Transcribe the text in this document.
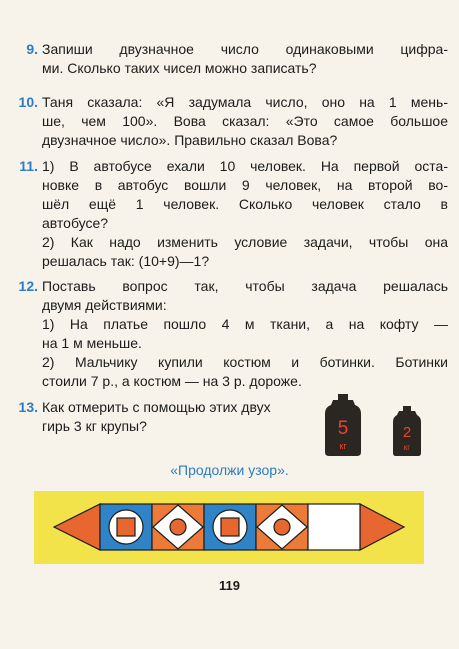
9. Запиши двузначное число одинаковыми цифра-
ми. Сколько таких чисел можно записать?
10. Таня сказала: «Я задумала число, оно на 1 мень-
ше, чем 100». Вова сказал: «Это самое большое
двузначное число». Правильно сказал Вова?
11. 1) В автобусе ехали 10 человек. На первой оста-
новке в автобус вошли 9 человек, на второй во-
шёл ещё 1 человек. Сколько человек стало в
автобусе?
2) Как надо изменить условие задачи, чтобы она
решалась так: (10+9)—1?
12. Поставь вопрос так, чтобы задача решалась
двумя действиями:
1) На платье пошло 4 м ткани, а на кофту —
на 1 м меньше.
2) Мальчику купили костюм и ботинки. Ботинки
стоили 7 р., а костюм — на 3 р. дороже.
13. Как отмерить с помощью этих двух
гирь 3 кг крупы?	5
кг
2
кг
«Продолжи узор».
119
